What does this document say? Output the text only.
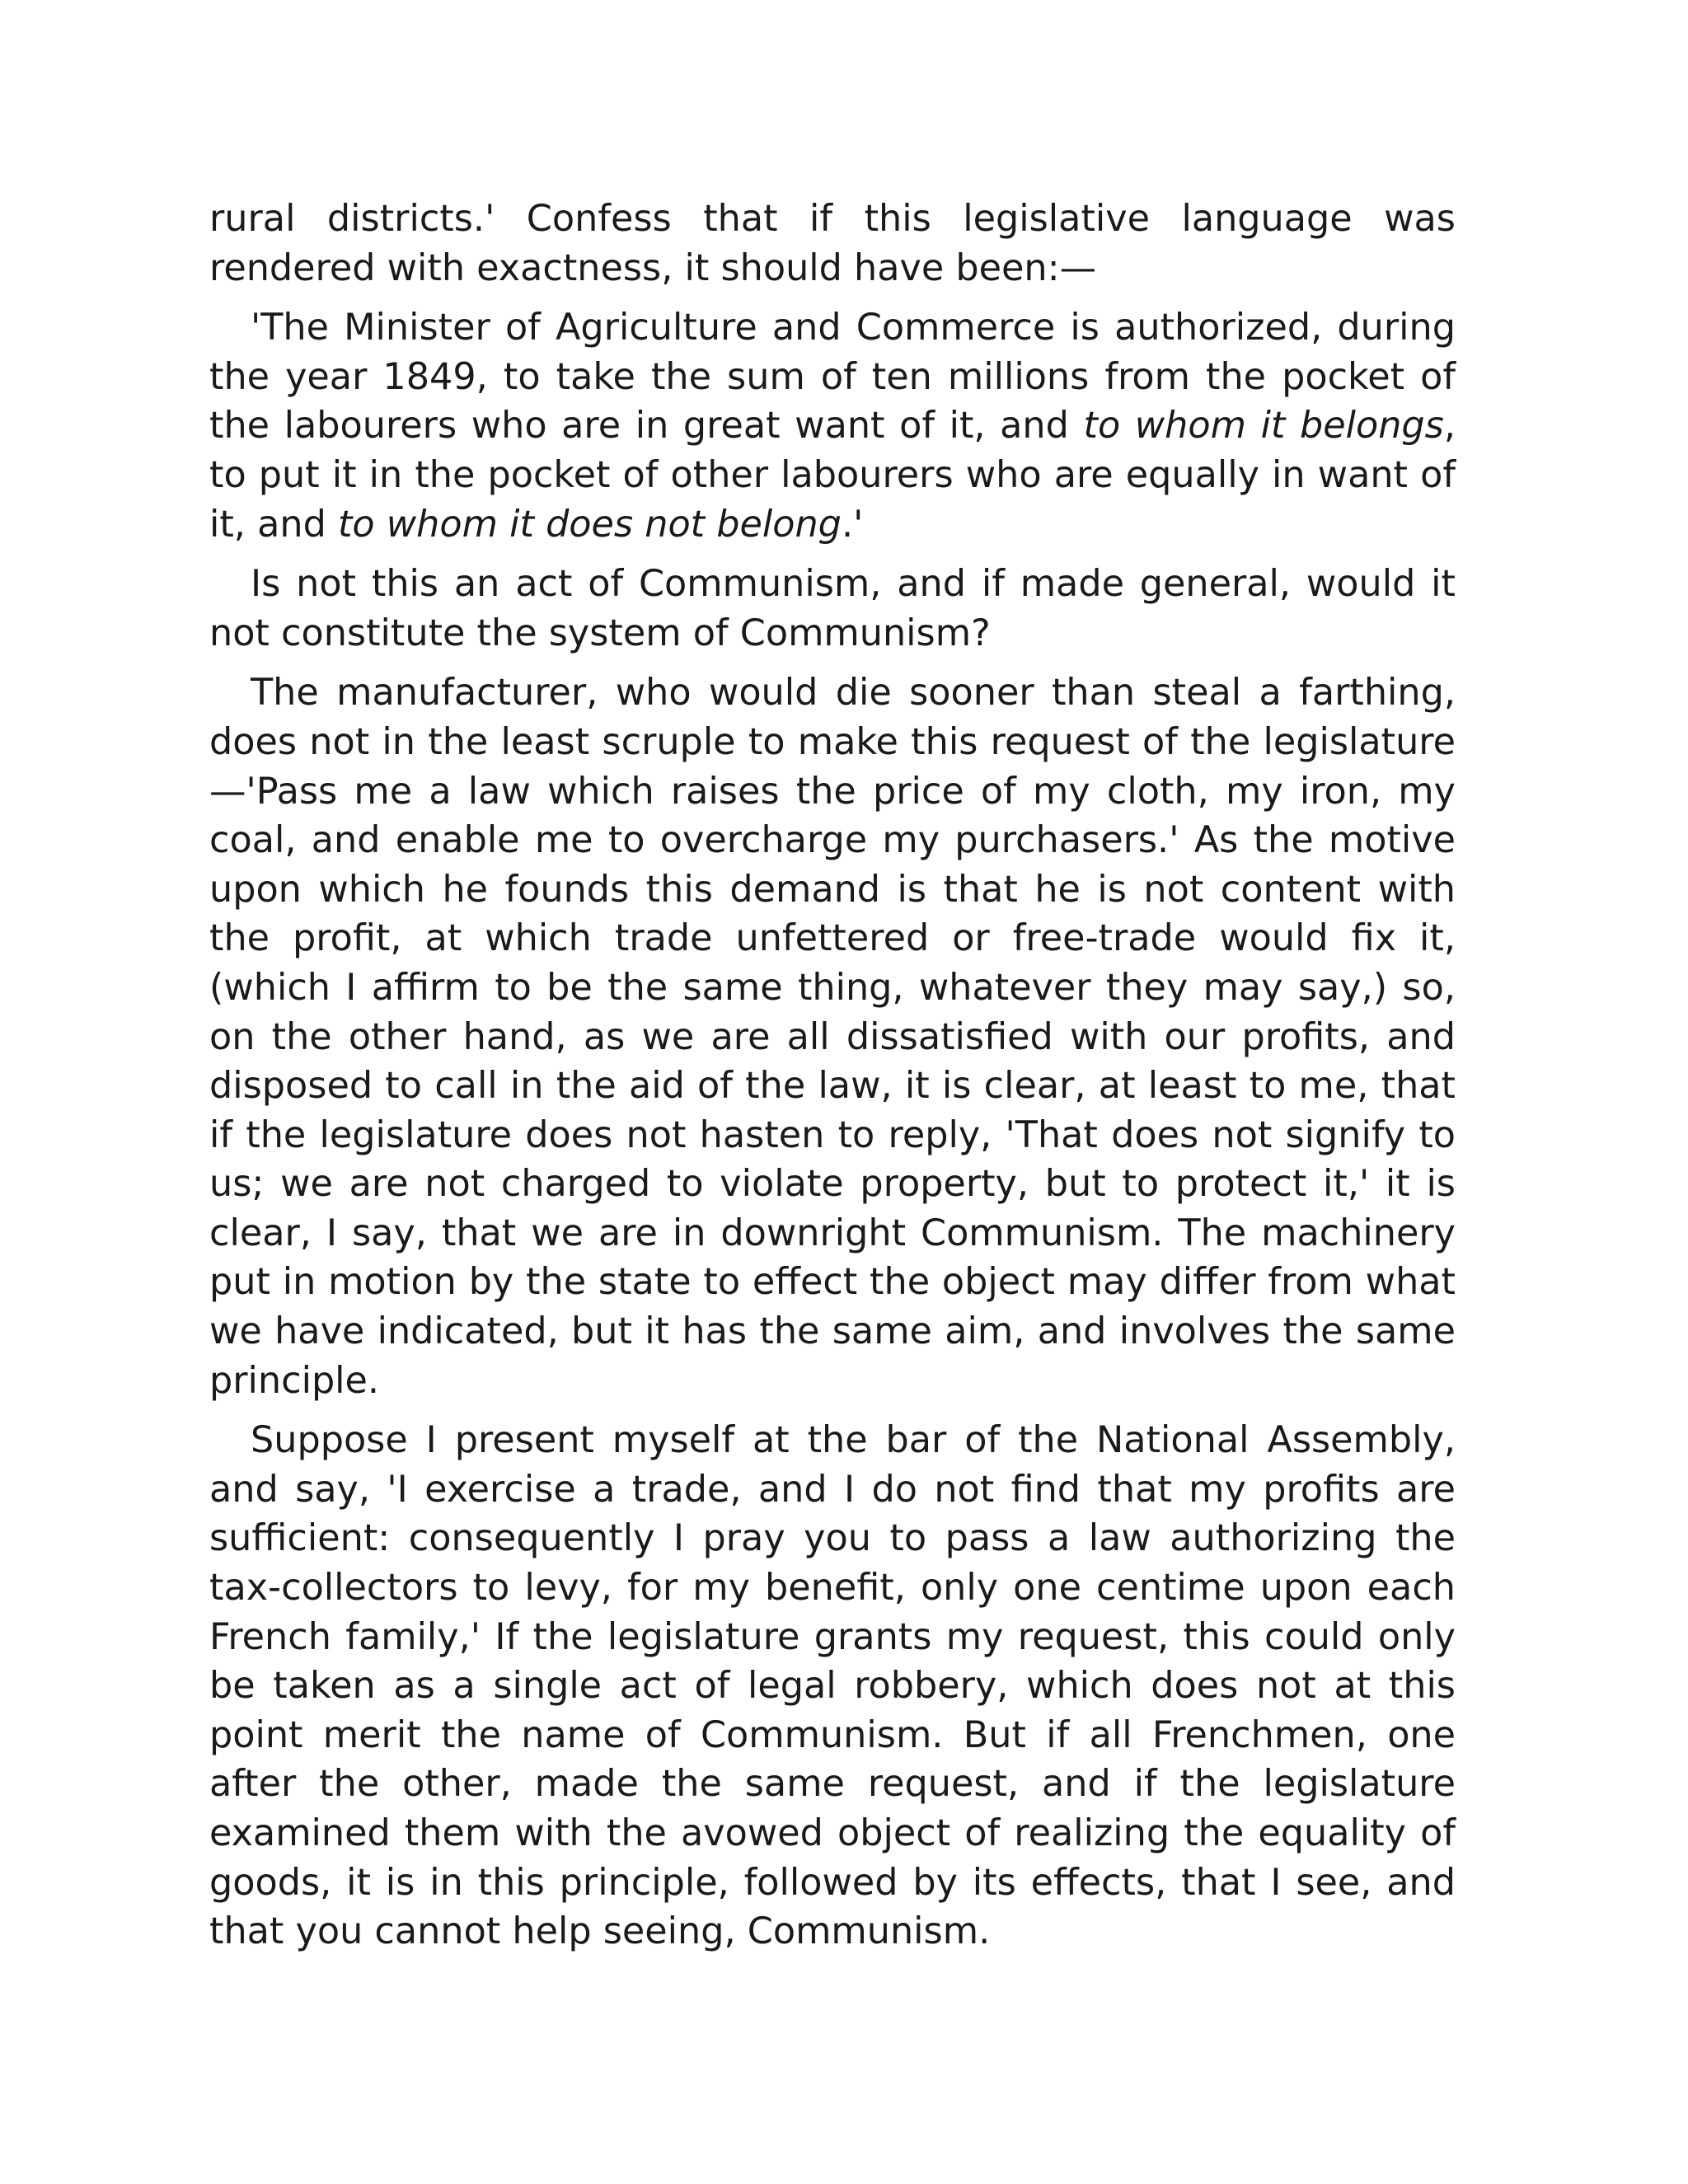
rural districts.' Confess that if this legislative language was rendered with exactness, it should have been:—

'The Minister of Agriculture and Commerce is authorized, during the year 1849, to take the sum of ten millions from the pocket of the labourers who are in great want of it, and to whom it belongs, to put it in the pocket of other labourers who are equally in want of it, and to whom it does not belong.'

Is not this an act of Communism, and if made general, would it not constitute the system of Communism?

The manufacturer, who would die sooner than steal a farthing, does not in the least scruple to make this request of the legislature —'Pass me a law which raises the price of my cloth, my iron, my coal, and enable me to overcharge my purchasers.' As the motive upon which he founds this demand is that he is not content with the profit, at which trade unfettered or free-trade would fix it, (which I affirm to be the same thing, whatever they may say,) so, on the other hand, as we are all dissatisfied with our profits, and disposed to call in the aid of the law, it is clear, at least to me, that if the legislature does not hasten to reply, 'That does not signify to us; we are not charged to violate property, but to protect it,' it is clear, I say, that we are in downright Communism. The machinery put in motion by the state to effect the object may differ from what we have indicated, but it has the same aim, and involves the same principle.

Suppose I present myself at the bar of the National Assembly, and say, 'I exercise a trade, and I do not find that my profits are sufficient: consequently I pray you to pass a law authorizing the tax-collectors to levy, for my benefit, only one centime upon each French family,' If the legislature grants my request, this could only be taken as a single act of legal robbery, which does not at this point merit the name of Communism. But if all Frenchmen, one after the other, made the same request, and if the legislature examined them with the avowed object of realizing the equality of goods, it is in this principle, followed by its effects, that I see, and that you cannot help seeing, Communism.
